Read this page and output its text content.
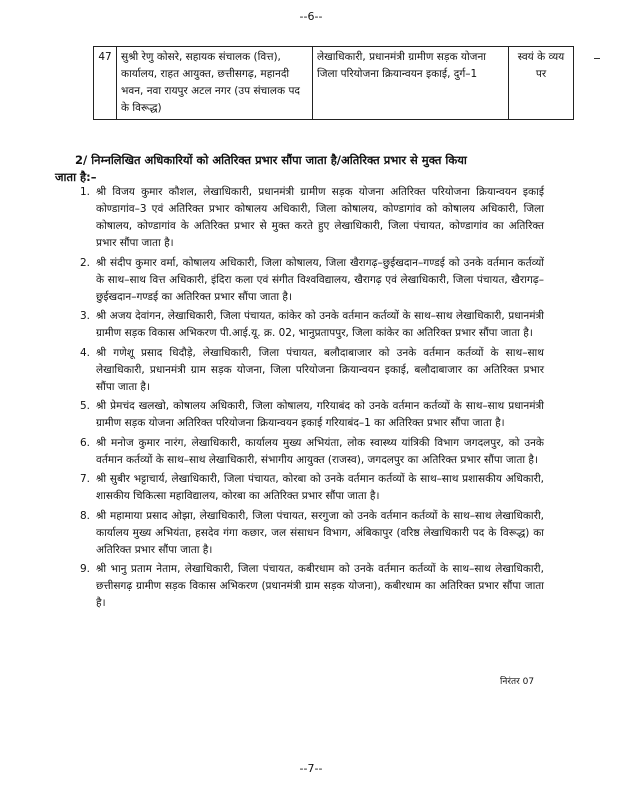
--6--
47	सुश्री रेणु कोसरे, सहायक संचालक (वित्त), कार्यालय, राहत आयुक्त, छत्तीसगढ़, महानदी भवन, नवा रायपुर अटल नगर (उप संचालक पद के विरूद्ध)	लेखाधिकारी, प्रधानमंत्री ग्रामीण सड़क योजना जिला परियोजना क्रियान्वयन इकाई, दुर्ग–1	स्वयं के व्यय पर
2/ निम्नलिखित अधिकारियों को अतिरिक्त प्रभार सौंपा जाता है/अतिरिक्त प्रभार से मुक्त किया
जाता है:–
1. श्री विजय कुमार कौशल, लेखाधिकारी, प्रधानमंत्री ग्रामीण सड़क योजना अतिरिक्त परियोजना क्रियान्वयन इकाई कोण्डागांव–3 एवं अतिरिक्त प्रभार कोषालय अधिकारी, जिला कोषालय, कोण्डागांव को कोषालय अधिकारी, जिला कोषालय, कोण्डागांव के अतिरिक्त प्रभार से मुक्त करते हुए लेखाधिकारी, जिला पंचायत, कोण्डागांव का अतिरिक्त प्रभार सौंपा जाता है।
2. श्री संदीप कुमार वर्मा, कोषालय अधिकारी, जिला कोषालय, जिला खैरागढ़–छुईखदान–गण्डई को उनके वर्तमान कर्तव्यों के साथ–साथ वित्त अधिकारी, इंदिरा कला एवं संगीत विश्वविद्यालय, खैरागढ़ एवं लेखाधिकारी, जिला पंचायत, खैरागढ़–छुईखदान–गण्डई का अतिरिक्त प्रभार सौंपा जाता है।
3. श्री अजय देवांगन, लेखाधिकारी, जिला पंचायत, कांकेर को उनके वर्तमान कर्तव्यों के साथ–साथ लेखाधिकारी, प्रधानमंत्री ग्रामीण सड़क विकास अभिकरण पी.आई.यू. क्र. 02, भानुप्रतापपुर, जिला कांकेर का अतिरिक्त प्रभार सौंपा जाता है।
4. श्री गणेशू प्रसाद धिदौड़े, लेखाधिकारी, जिला पंचायत, बलौदाबाजार को उनके वर्तमान कर्तव्यों के साथ–साथ लेखाधिकारी, प्रधानमंत्री ग्राम सड़क योजना, जिला परियोजना क्रियान्वयन इकाई, बलौदाबाजार का अतिरिक्त प्रभार सौंपा जाता है।
5. श्री प्रेमचंद खलखो, कोषालय अधिकारी, जिला कोषालय, गरियाबंद को उनके वर्तमान कर्तव्यों के साथ–साथ प्रधानमंत्री ग्रामीण सड़क योजना अतिरिक्त परियोजना क्रियान्वयन इकाई गरियाबंद–1 का अतिरिक्त प्रभार सौंपा जाता है।
6. श्री मनोज कुमार नारंग, लेखाधिकारी, कार्यालय मुख्य अभियंता, लोक स्वास्थ्य यांत्रिकी विभाग जगदलपुर, को उनके वर्तमान कर्तव्यों के साथ–साथ लेखाधिकारी, संभागीय आयुक्त (राजस्व), जगदलपुर का अतिरिक्त प्रभार सौंपा जाता है।
7. श्री सुबीर भट्टाचार्य, लेखाधिकारी, जिला पंचायत, कोरबा को उनके वर्तमान कर्तव्यों के साथ–साथ प्रशासकीय अधिकारी, शासकीय चिकित्सा महाविद्यालय, कोरबा का अतिरिक्त प्रभार सौंपा जाता है।
8. श्री महामाया प्रसाद ओझा, लेखाधिकारी, जिला पंचायत, सरगुजा को उनके वर्तमान कर्तव्यों के साथ–साथ लेखाधिकारी, कार्यालय मुख्य अभियंता, हसदेव गंगा कछार, जल संसाधन विभाग, अंबिकापुर (वरिष्ठ लेखाधिकारी पद के विरूद्ध) का अतिरिक्त प्रभार सौंपा जाता है।
9. श्री भानु प्रताम नेताम, लेखाधिकारी, जिला पंचायत, कबीरधाम को उनके वर्तमान कर्तव्यों के साथ–साथ लेखाधिकारी, छत्तीसगढ़ ग्रामीण सड़क विकास अभिकरण (प्रधानमंत्री ग्राम सड़क योजना), कबीरधाम का अतिरिक्त प्रभार सौंपा जाता है।
निरंतर 07
--7--
